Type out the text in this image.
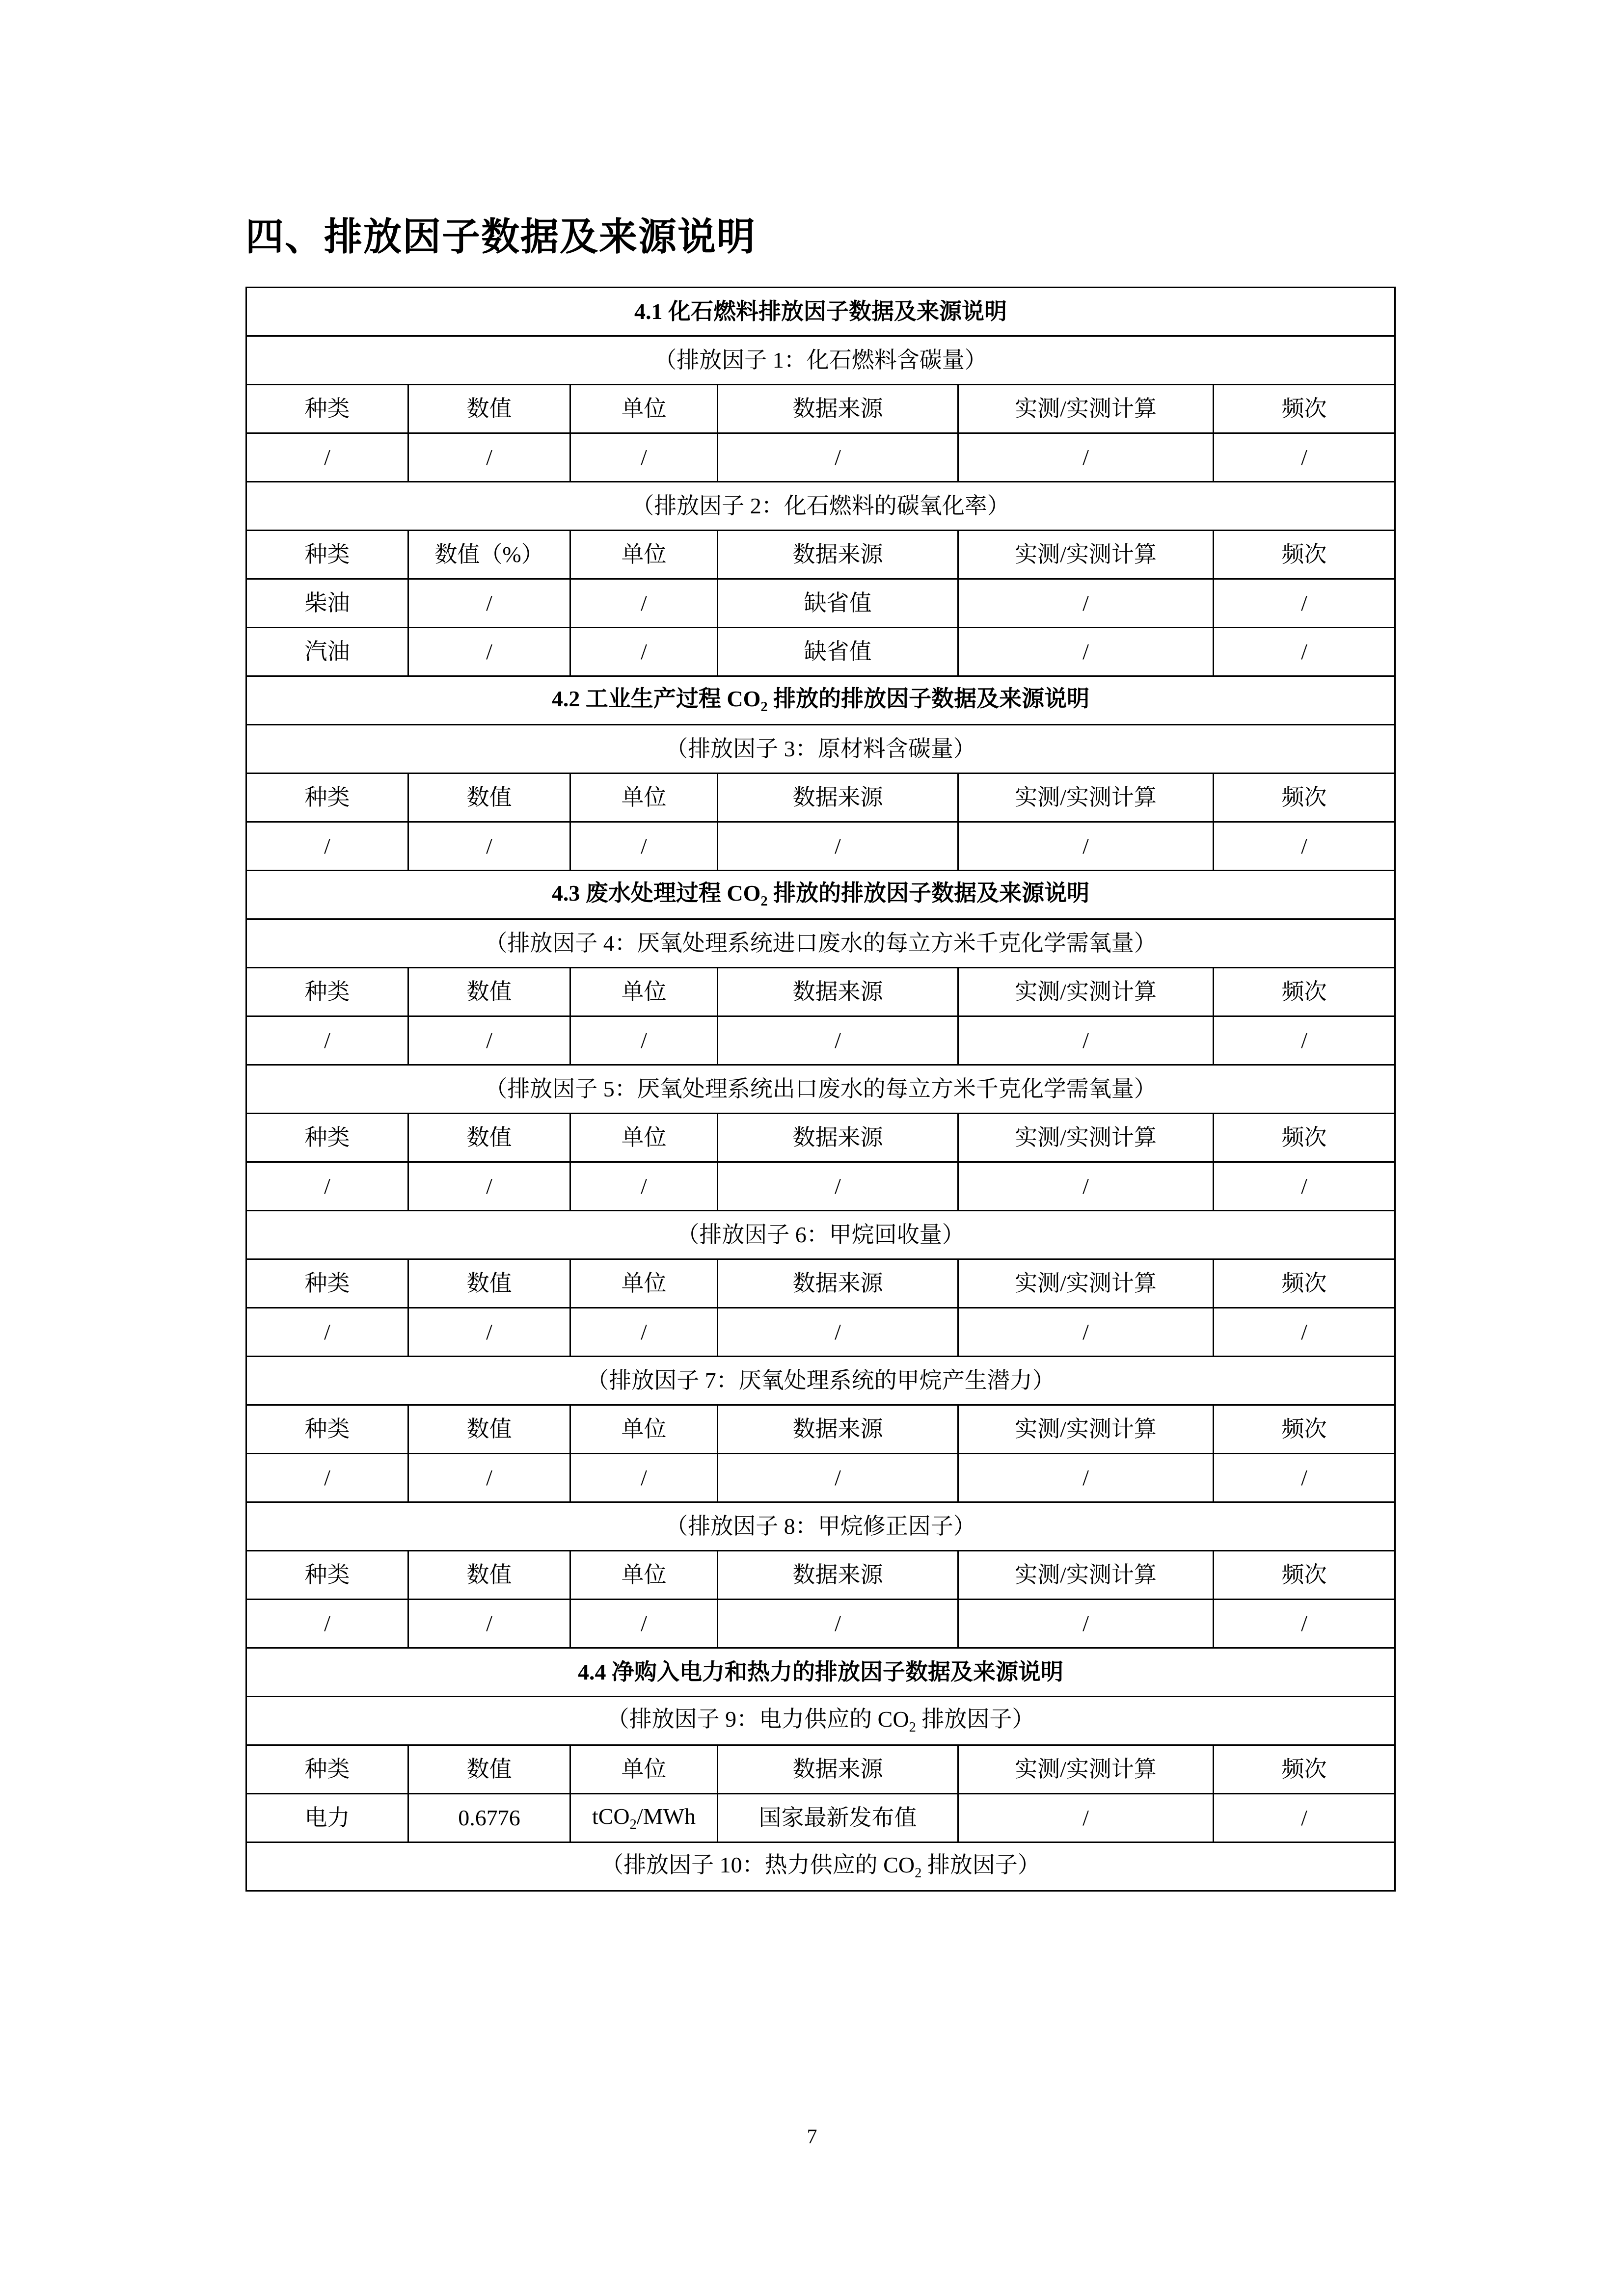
四、排放因子数据及来源说明
4.1 化石燃料排放因子数据及来源说明					
（排放因子 1：化石燃料含碳量）					
种类	数值	单位	数据来源	实测/实测计算	频次
/	/	/	/	/	/
（排放因子 2：化石燃料的碳氧化率）					
种类	数值（%）	单位	数据来源	实测/实测计算	频次
柴油	/	/	缺省值	/	/
汽油	/	/	缺省值	/	/
4.2 工业生产过程 $CO_2$ 排放的排放因子数据及来源说明					
（排放因子 3：原材料含碳量）					
种类	数值	单位	数据来源	实测/实测计算	频次
/	/	/	/	/	/
4.3 废水处理过程 $CO_2$ 排放的排放因子数据及来源说明					
（排放因子 4：厌氧处理系统进口废水的每立方米千克化学需氧量）					
种类	数值	单位	数据来源	实测/实测计算	频次
/	/	/	/	/	/
（排放因子 5：厌氧处理系统出口废水的每立方米千克化学需氧量）					
种类	数值	单位	数据来源	实测/实测计算	频次
/	/	/	/	/	/
（排放因子 6：甲烷回收量）					
种类	数值	单位	数据来源	实测/实测计算	频次
/	/	/	/	/	/
（排放因子 7：厌氧处理系统的甲烷产生潜力）					
种类	数值	单位	数据来源	实测/实测计算	频次
/	/	/	/	/	/
（排放因子 8：甲烷修正因子）					
种类	数值	单位	数据来源	实测/实测计算	频次
/	/	/	/	/	/
4.4 净购入电力和热力的排放因子数据及来源说明					
（排放因子 9：电力供应的 $CO_2$ 排放因子）					
种类	数值	单位	数据来源	实测/实测计算	频次
电力	0.6776	tCO$_2$/MWh	国家最新发布值	/	/
（排放因子 10：热力供应的 $CO_2$ 排放因子）					
7
